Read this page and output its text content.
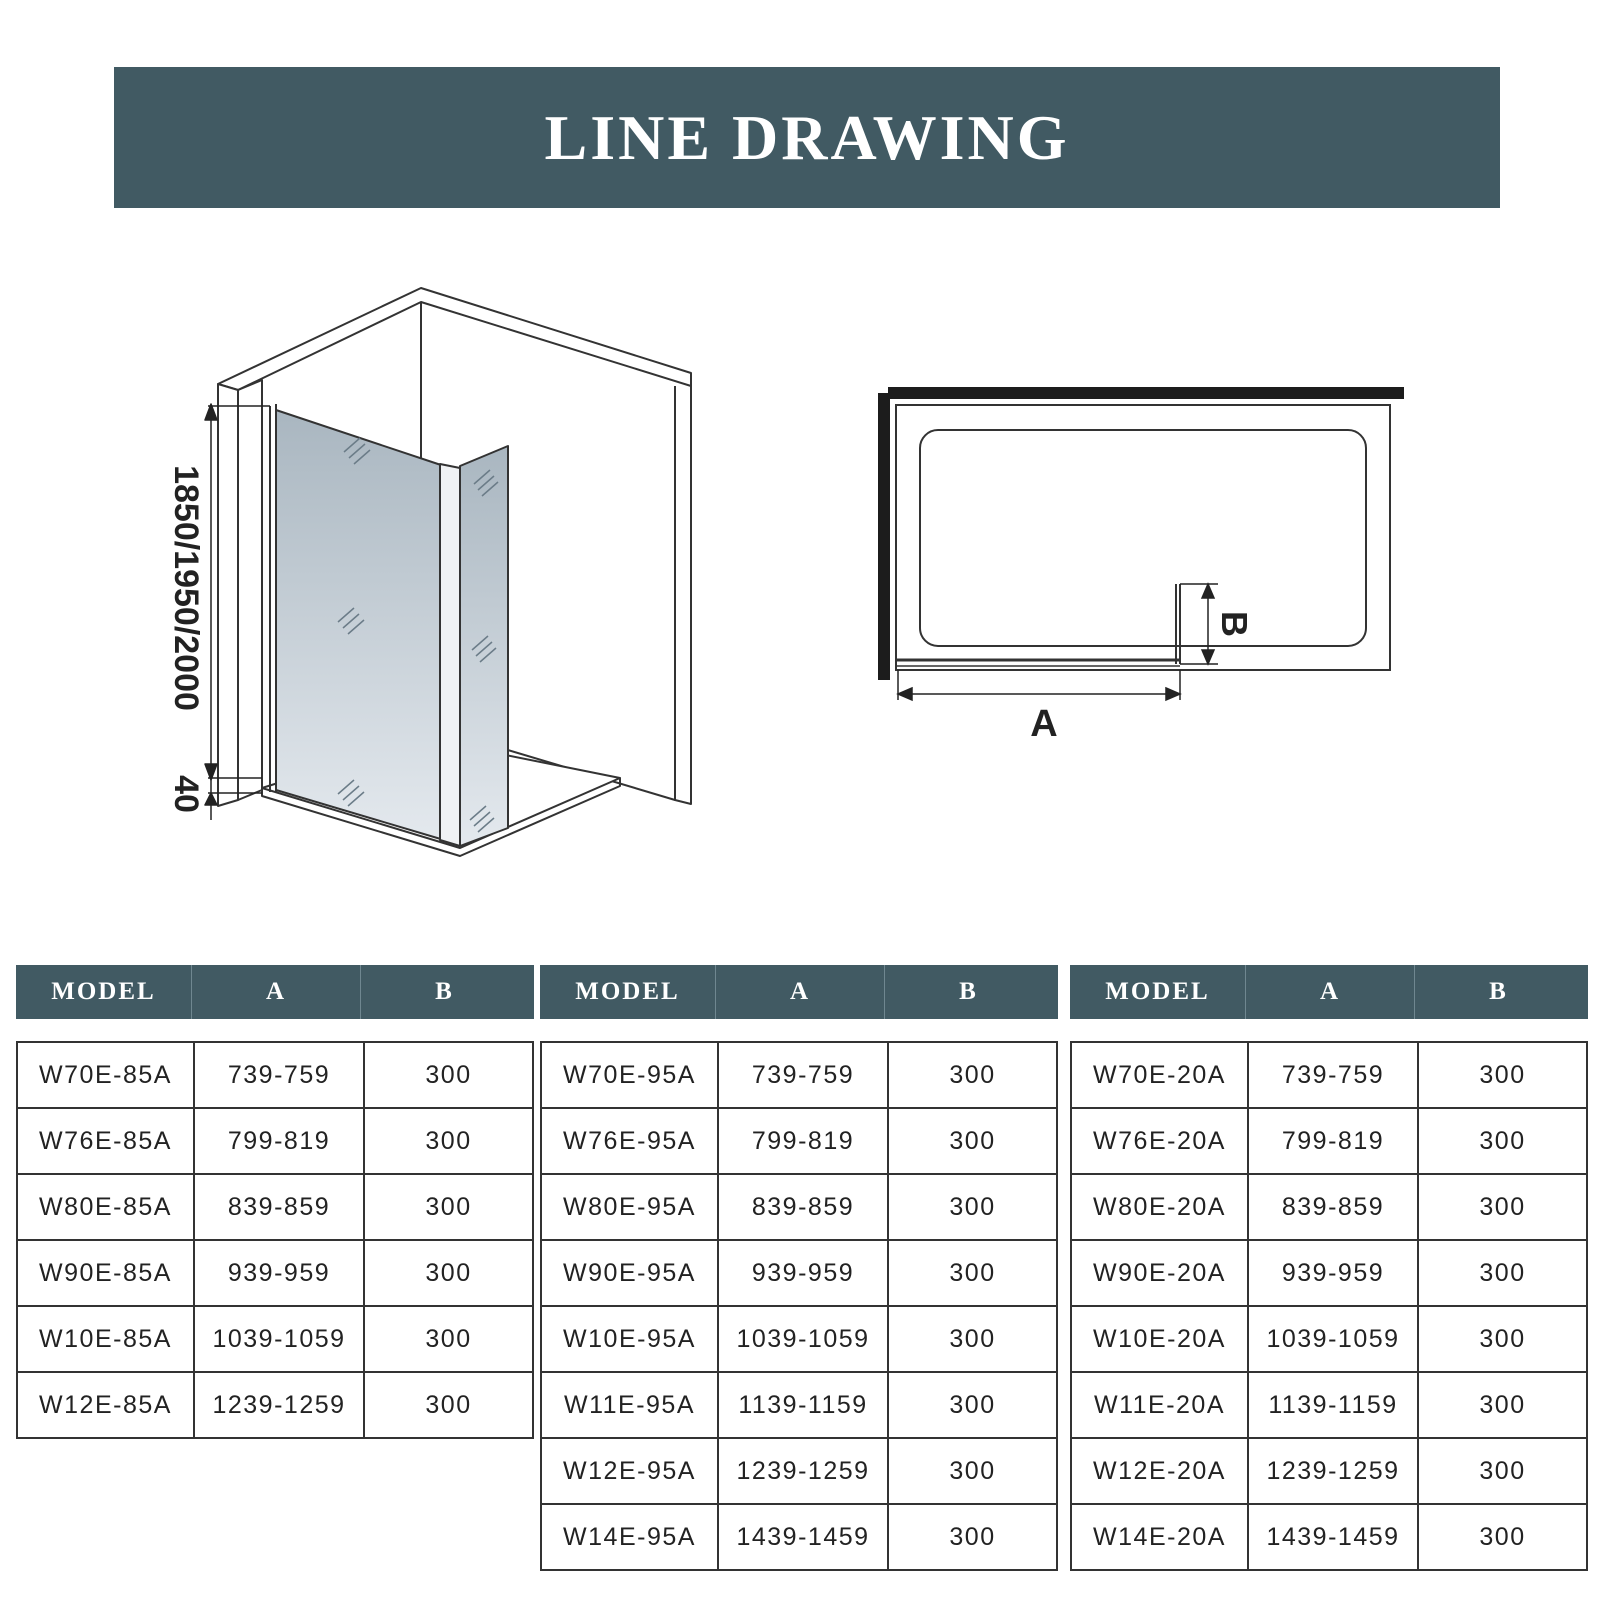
LINE DRAWING
1850/1950/2000
40
A
B
MODEL	A	B
W70E-85A	739-759	300
W76E-85A	799-819	300
W80E-85A	839-859	300
W90E-85A	939-959	300
W10E-85A	1039-1059	300
W12E-85A	1239-1259	300
MODEL	A	B
W70E-95A	739-759	300
W76E-95A	799-819	300
W80E-95A	839-859	300
W90E-95A	939-959	300
W10E-95A	1039-1059	300
W11E-95A	1139-1159	300
W12E-95A	1239-1259	300
W14E-95A	1439-1459	300
MODEL	A	B
W70E-20A	739-759	300
W76E-20A	799-819	300
W80E-20A	839-859	300
W90E-20A	939-959	300
W10E-20A	1039-1059	300
W11E-20A	1139-1159	300
W12E-20A	1239-1259	300
W14E-20A	1439-1459	300
